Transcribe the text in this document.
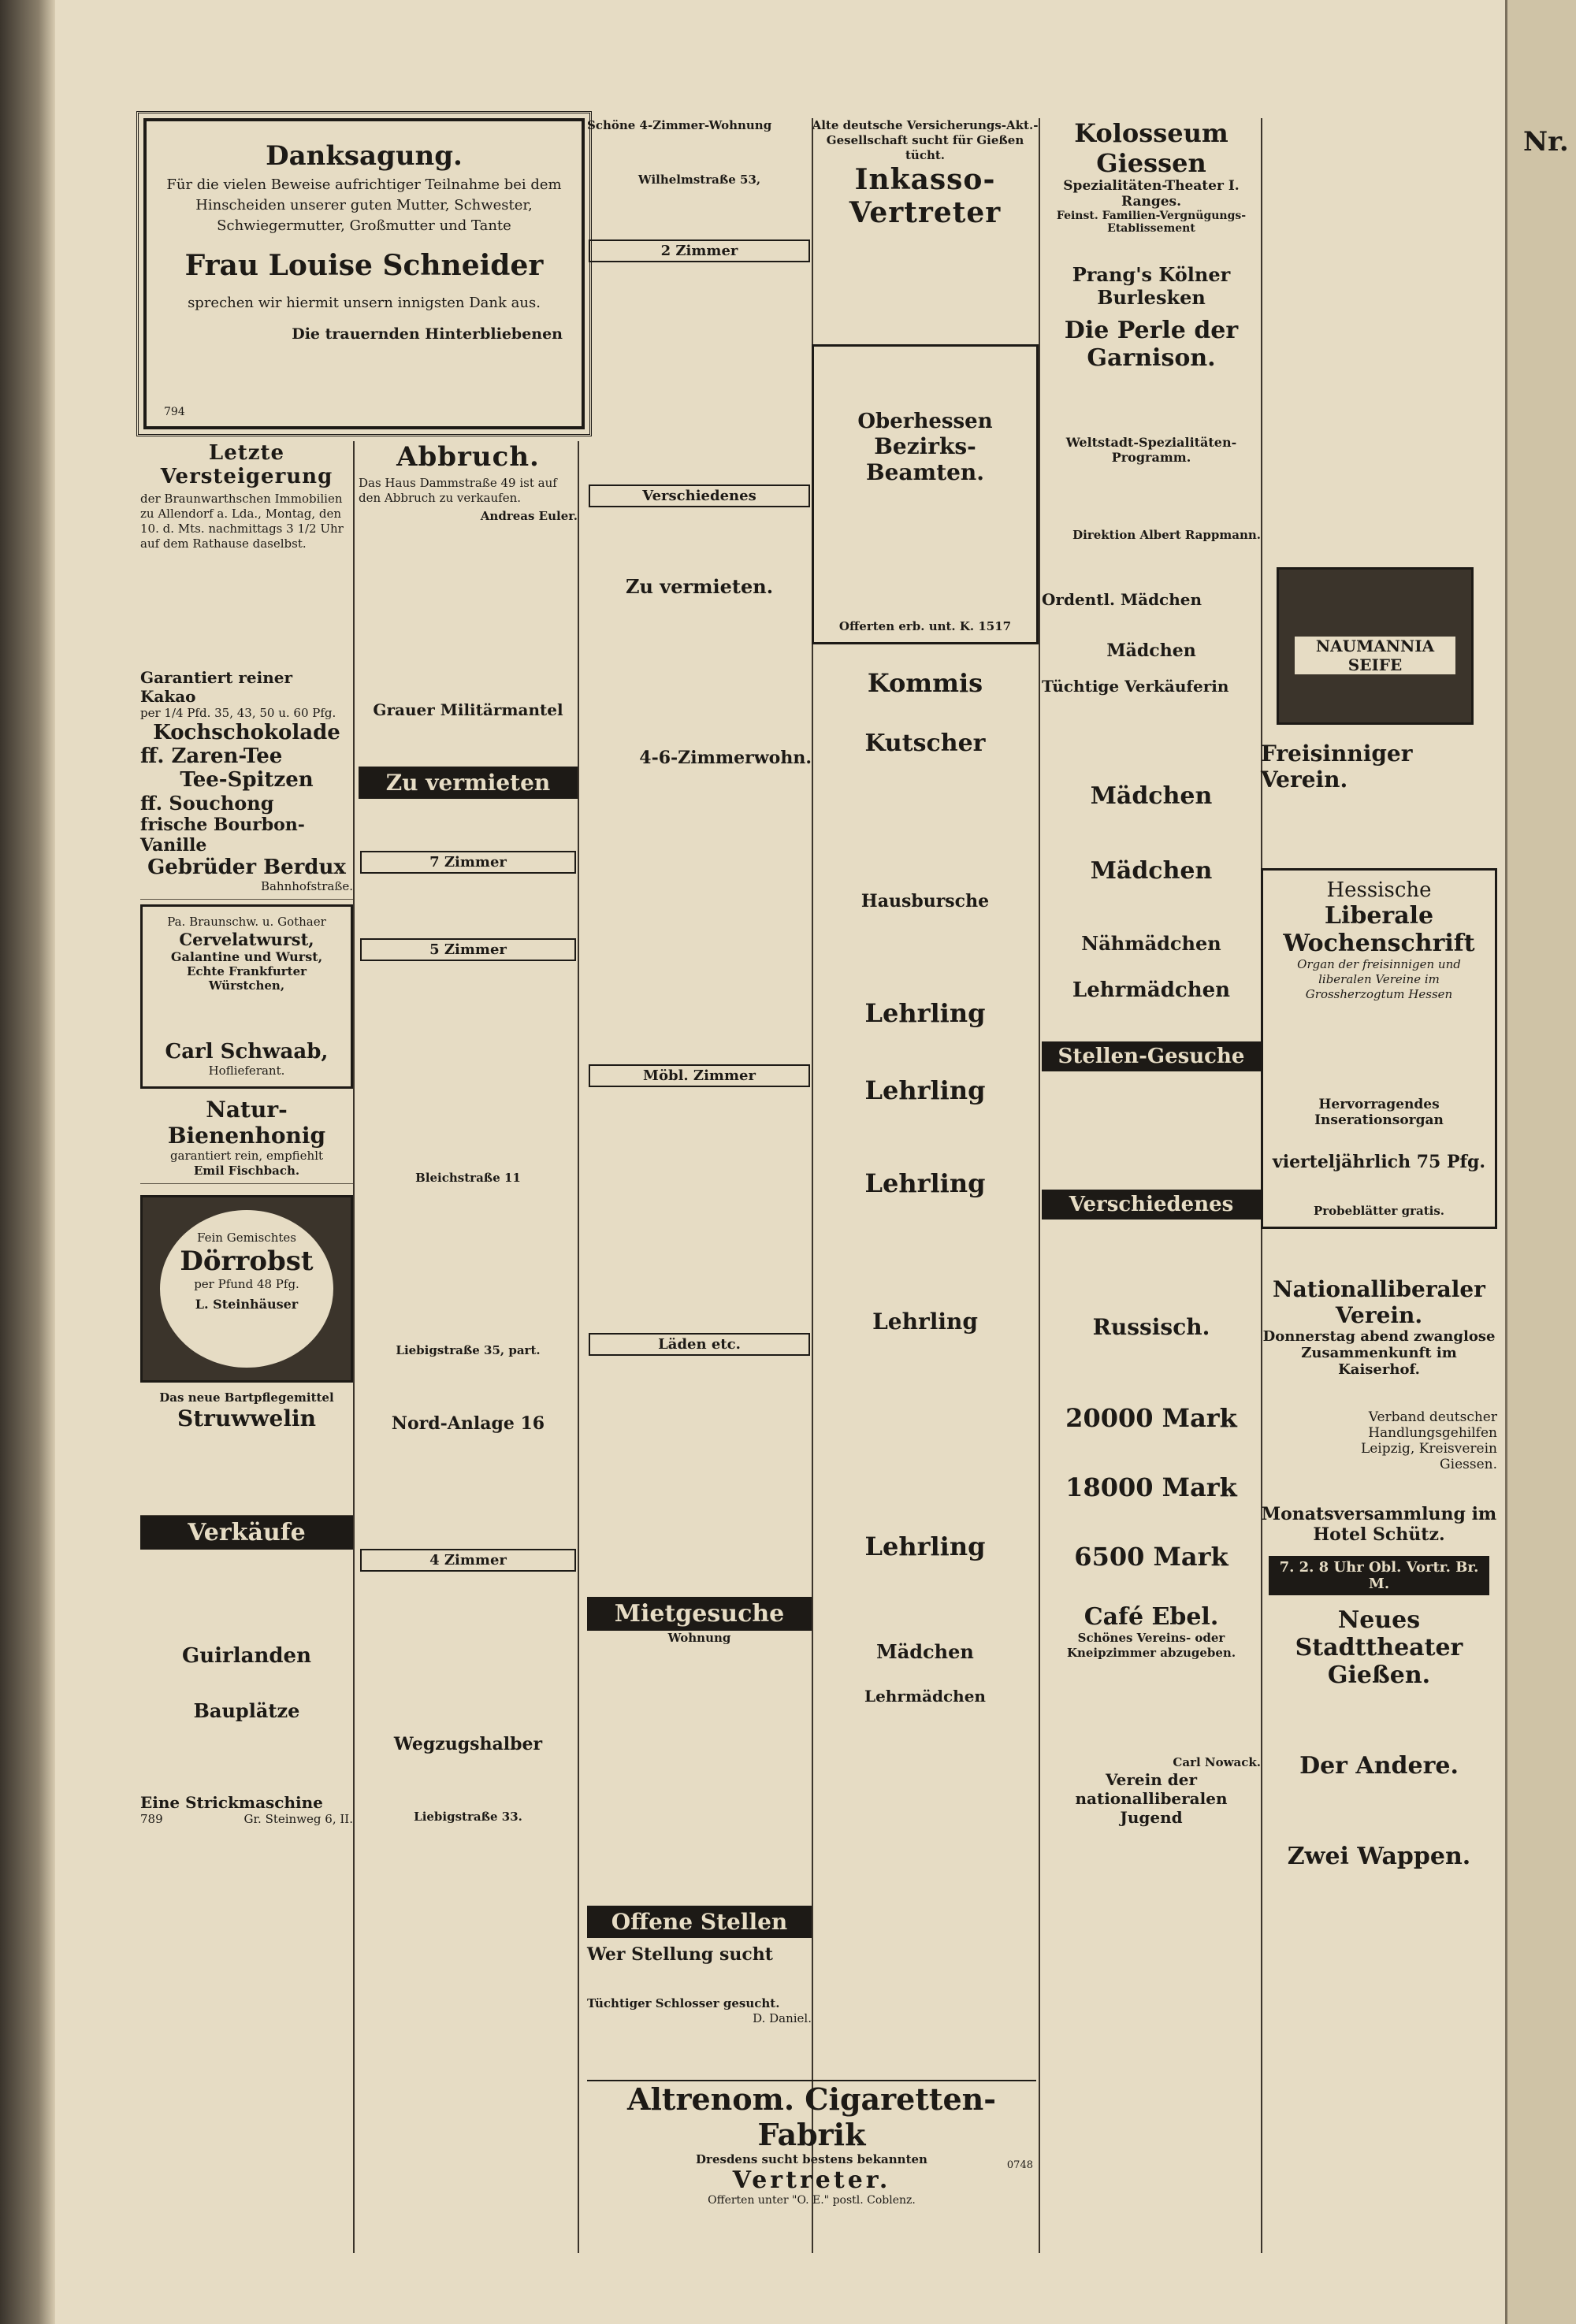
Nr.
Danksagung.

Für die vielen Beweise aufrichtiger Teilnahme bei dem Hinscheiden unserer guten Mutter, Schwester, Schwiegermutter, Großmutter und Tante

Frau Louise Schneider

sprechen wir hiermit unsern innigsten Dank aus.

Die trauernden Hinterbliebenen

794
Letzte Versteigerung

der Braunwarthschen Immobilien zu Allendorf a. Lda., Montag, den 10. d. Mts. nachmittags 3 1/2 Uhr auf dem Rathause daselbst.

Garantiert reiner Kakao
per 1/4 Pfd. 35, 43, 50 u. 60 Pfg.
Kochschokolade
ff. Zaren-Tee
Tee-Spitzen
ff. Souchong
frische Bourbon-Vanille
Gebrüder Berdux
Bahnhofstraße.
Pa. Braunschw. u. Gothaer
Cervelatwurst,
Galantine und Wurst,
Echte Frankfurter Würstchen,
Carl Schwaab,
Hoflieferant.
Natur-Bienenhonig
garantiert rein, empfiehlt
Emil Fischbach.
Fein Gemischtes
Dörrobst
per Pfund 48 Pfg.
L. Steinhäuser
Das neue Bartpflegemittel
Struwwelin
Verkäufe
Guirlanden
Bauplätze
Eine Strickmaschine
789	Gr. Steinweg 6, II.
Abbruch.

Das Haus Dammstraße 49 ist auf den Abbruch zu verkaufen.

Andreas Euler.

Grauer Militärmantel
Zu vermieten
7 Zimmer
5 Zimmer
Bleichstraße 11
Liebigstraße 35, part.
Nord-Anlage 16
4 Zimmer
Wegzugshalber
Liebigstraße 33.
Schöne 4-Zimmer-Wohnung
Wilhelmstraße 53,
2 Zimmer
Verschiedenes
Zu vermieten.
4-6-Zimmerwohn.
Möbl. Zimmer
Läden etc.
Mietgesuche
Wohnung
Offene Stellen
Wer Stellung sucht
Tüchtiger Schlosser gesucht.
D. Daniel.
Alte deutsche Versicherungs-Akt.-Gesellschaft sucht für Gießen tücht.
Inkasso-Vertreter
Oberhessen
Bezirks-Beamten.
Offerten erb. unt. K. 1517
Kommis
Kutscher
Hausbursche
Lehrling
Lehrling
Lehrling
Lehrling
Lehrling
Mädchen
Lehrmädchen
Kolosseum Giessen
Spezialitäten-Theater I. Ranges.
Feinst. Familien-Vergnügungs-Etablissement
Prang's Kölner Burlesken
Die Perle der Garnison.
Weltstadt-Spezialitäten-Programm.
Direktion Albert Rappmann.
Ordentl. Mädchen
Mädchen
Tüchtige Verkäuferin
Mädchen
Mädchen
Nähmädchen
Lehrmädchen
Stellen-Gesuche
Verschiedenes
Russisch.
20000 Mark
18000 Mark
6500 Mark
Café Ebel.
Schönes Vereins- oder Kneipzimmer abzugeben.
Carl Nowack.
Verein der nationalliberalen Jugend
NAUMANNIA SEIFE
Freisinniger Verein.
Hessische
Liberale Wochenschrift
Organ der freisinnigen und liberalen Vereine im Grossherzogtum Hessen
Hervorragendes Inserationsorgan
vierteljährlich 75 Pfg.
Probeblätter gratis.
Nationalliberaler Verein.
Donnerstag abend zwanglose Zusammenkunft im Kaiserhof.
Verband deutscher Handlungsgehilfen Leipzig, Kreisverein Giessen.
Monatsversammlung im Hotel Schütz.
7. 2. 8 Uhr Obl. Vortr. Br. M.
Neues Stadttheater Gießen.
Der Andere.
Zwei Wappen.
Altrenom. Cigaretten-Fabrik
Dresdens sucht bestens bekannten
Vertreter.
Offerten unter "O. E." postl. Coblenz.
0748
